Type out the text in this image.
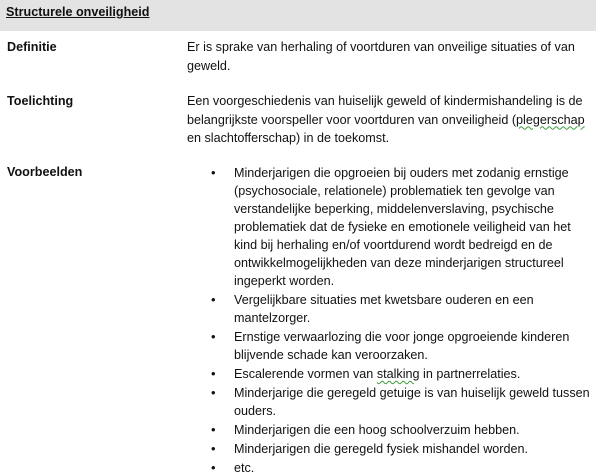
Structurele onveiligheid
Definitie	Er is sprake van herhaling of voortduren van onveilige situaties of van geweld.

Toelichting	Een voorgeschiedenis van huiselijk geweld of kindermishandeling is de belangrijkste voorspeller voor voortduren van onveiligheid (plegerschap en slachtofferschap) in de toekomst.

Voorbeelden	• Minderjarigen die opgroeien bij ouders met zodanig ernstige (psychosociale, relationele) problematiek ten gevolge van verstandelijke beperking, middelenverslaving, psychische problematiek dat de fysieke en emotionele veiligheid van het kind bij herhaling en/of voortdurend wordt bedreigd en de ontwikkelmogelijkheden van deze minderjarigen structureel ingeperkt worden.
• Vergelijkbare situaties met kwetsbare ouderen en een mantelzorger.
• Ernstige verwaarlozing die voor jonge opgroeiende kinderen blijvende schade kan veroorzaken.
• Escalerende vormen van stalking in partnerrelaties.
• Minderjarige die geregeld getuige is van huiselijk geweld tussen ouders.
• Minderjarigen die een hoog schoolverzuim hebben.
• Minderjarigen die geregeld fysiek mishandel worden.
• etc.
